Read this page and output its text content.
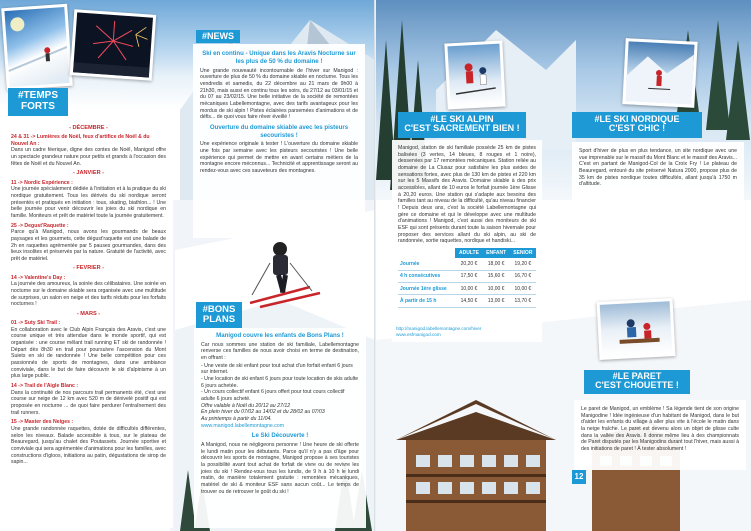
#TEMPS
FORTS
- DÉCEMBRE -
24 & 31 -> Lumières de Noël, feux d'artifice de Noël & du Nouvel An :

Dans un cadre féerique, digne des contes de Noël, Manigod offre un spectacle grandeur nature pour petits et grands à l'occasion des fêtes de Noël et du Nouvel An.

- JANVIER -
11 -> Nordic Expérience :

Une journée spécialement dédiée à l'initiation et à la pratique du ski nordique gratuitement. Tous les dérivés du ski nordique seront présentés et pratiqués en initiation : tous, skating, biathlon... ! Une belle journée pour venir découvrir les joies du ski nordique en famille. Moniteurs et prêt de matériel toute la journée gratuitement.

25 -> Degust'Raquette :

Parce qu'à Manigod, nous avons les gourmands de beaux paysages et les gourmets, cette dégust'raquette est une balade de 2h en raquettes agrémentée par 5 pauses gourmandes, dans des lieux insolites et préservés par la nature. Gratuité de l'activité, avec prêt de matériel.

- FEVRIER -
14 -> Valentine's Day :

La journée des amoureux, la soirée des célibataires. Une soirée en nocturne sur le domaine skiable sera organisée avec une multitude de surprises, un salon en neige et des tarifs réduits pour les forfaits nocturnes !

- MARS -
01 -> Suty Ski Trail :

En collaboration avec le Club Alpin Français des Aravis, c'est une course unique et très attendue dans le monde sportif, qui est organisée : une course mêlant trail running ET ski de randonnée ! Départ dès 8h30 en trail pour poursuivre l'ascension du Mont Suiets en ski de randonnée ! Une belle compétition pour ces passionnés de sports de montagnes, dans une ambiance conviviale, dans le but de faire découvrir le ski d'alpinisme à un plus large public.

14 -> Trail de l'Aigle Blanc :

Dans la continuité de nos parcours trail permanents été, c'est une course sur neige de 12 km avec 520 m de dénivelé positif qui est proposée en nocturne ... de quoi faire perdurer l'entraînement des trail runners.

15 -> Master des Neiges :

Une grande randonnée raquettes, dotée de difficultés différentes, selon les niveaux. Balade accessible à tous, sur le plateau de Beauregard, jusqu'au chalet des Poutassets. Journée sportive et conviviale qui sera agrémentée d'animations pour les familles, avec constructions d'igloos, initiations au patin, dégustations de sirop de sapin...

#NEWS
Ski en continu - Unique dans les Aravis Nocturne sur les plus de 50 % du domaine !

Une grande nouveauté incontournable de l'hiver sur Manigod : ouverture de plus de 50 % du domaine skiable en nocturne. Tous les vendredis et samedis, du 22 décembre au 21 mars de 9h00 à 21h30, mais aussi en continu tous les soirs, du 27/12 au 03/01/15 et du 07 au 23/02/15. Une belle initiative de la société de remontées mécaniques Labellemontagne, avec des tarifs avantageux pour les mordus de ski alpin ! Pistes éclairées parsemées d'animations et de défis... de quoi vous faire rêver éveillé !

Ouverture du domaine skiable avec les pisteurs secouristes !

Une expérience originale à tester ! L'ouverture du domaine skiable une fois par semaine avec les pisteurs secouristes ! Une belle expérience qui permet de mettre en avant certains métiers de la montagne encore méconnus... Technicité et apprentissage seront au rendez-vous avec ces sauveteurs des montagnes.

#BONS
PLANS
Manigod couvre les enfants de Bons Plans !

Car nous sommes une station de ski familiale, Labellemontagne renverse ces familles de nous avoir choisi en terme de destination, en offrant :

- Une veste de ski enfant pour tout achat d'un forfait enfant 6 jours sur internet.
- Une location de ski enfant 6 jours pour toute location de skis adulte 6 jours achetée.
- Un cours collectif enfant 6 jours offert pour tout cours collectif adulte 6 jours acheté.
Offre valable à Noël du 20/12 au 27/12
En plein hiver du 07/02 au 14/02 et du 28/02 au 07/03
Au printemps à partir du 11/04.
www.manigod.labellemontagne.com
Le Ski Découverte !

A Manigod, nous ne négligeons personne ! Une heure de ski offerte le lundi matin pour les débutants. Parce qu'il n'y a pas d'âge pour découvrir les sports de montagne, Manigod propose à ses touristes la possibilité avant tout achat de forfait de vivre ou de revivre les joies du ski ! Rendez-vous tous les lundis, de 9 h à 10 h le lundi matin, de manière totalement gratuite : remontées mécaniques, matériel de ski & moniteur ESF sans aucun coût... Le temps de trouver ou de retrouver le goût du ski !

12
#LE SKI ALPIN
C'EST SACREMENT BIEN !

Manigod, station de ski familiale possède 25 km de pistes balisées (3 vertes, 14 bleues, 8 rouges et 1 noire), desservies par 17 remontées mécaniques. Station reliée au domaine de La Clusaz pour satisfaire les plus avides de sensations fortes, avec plus de 130 km de pistes et 220 km sur les 5 Massifs des Aravis. Domaine skiable à des prix accessibles, allant de 10 euros le forfait journée 1ère Glisse à 20,20 euros. Une station qui s'adapte aux besoins des familles tant au niveau de la difficulté, qu'au niveau financier ! Depuis deux ans, c'est la société Labellemontagne qui gère ce domaine et qui le développe avec une multitude d'animations ! Manigod, c'est aussi des moniteurs de ski ESF qui sont présents durant toute la saison hivernale pour proposer des services allant du ski alpin, au ski de randonnée, sortie raquettes, nordique et handiski...

	ADULTE	ENFANT	SENIOR
Journée	20,20 €	18,00 €	19,20 €
4 h consécutives	17,50 €	15,60 €	16,70 €
Journée 1ère glisse	10,00 €	10,00 €	10,00 €
À partir de 15 h	14,50 €	13,00 €	13,70 €
http://manigod.labellemontagne.com/hiver
www.esfmanigod.com
#LE SKI NORDIQUE
C'EST CHIC !

Sport d'hiver de plus en plus tendance, un site nordique avec une vue imprenable sur le massif du Mont Blanc et le massif des Aravis... C'est en partant de Manigod-Col de la Croix Fry ! Le plateau de Beauregard, entouré du site préservé Natura 2000, propose plus de 35 km de pistes nordique toutes difficultés, allant jusqu'à 1750 m d'altitude.

#LE PARET
C'EST CHOUETTE !

Le paret de Manigod, un emblème ! Sa légende tient de son origine Manigodine ! Idée ingénieuse d'un habitant de Manigod, dans le but d'aider les enfants du village à aller plus vite à l'école le matin dans la neige fraîche. Le paret est devenu alors un objet de glisse culte dans la vallée des Aravis. Il donne même lieu à des championnats de Paret disputés par les Manigodins durant tout l'hiver, mais aussi à des initiations de paret ! À tester absolument !
